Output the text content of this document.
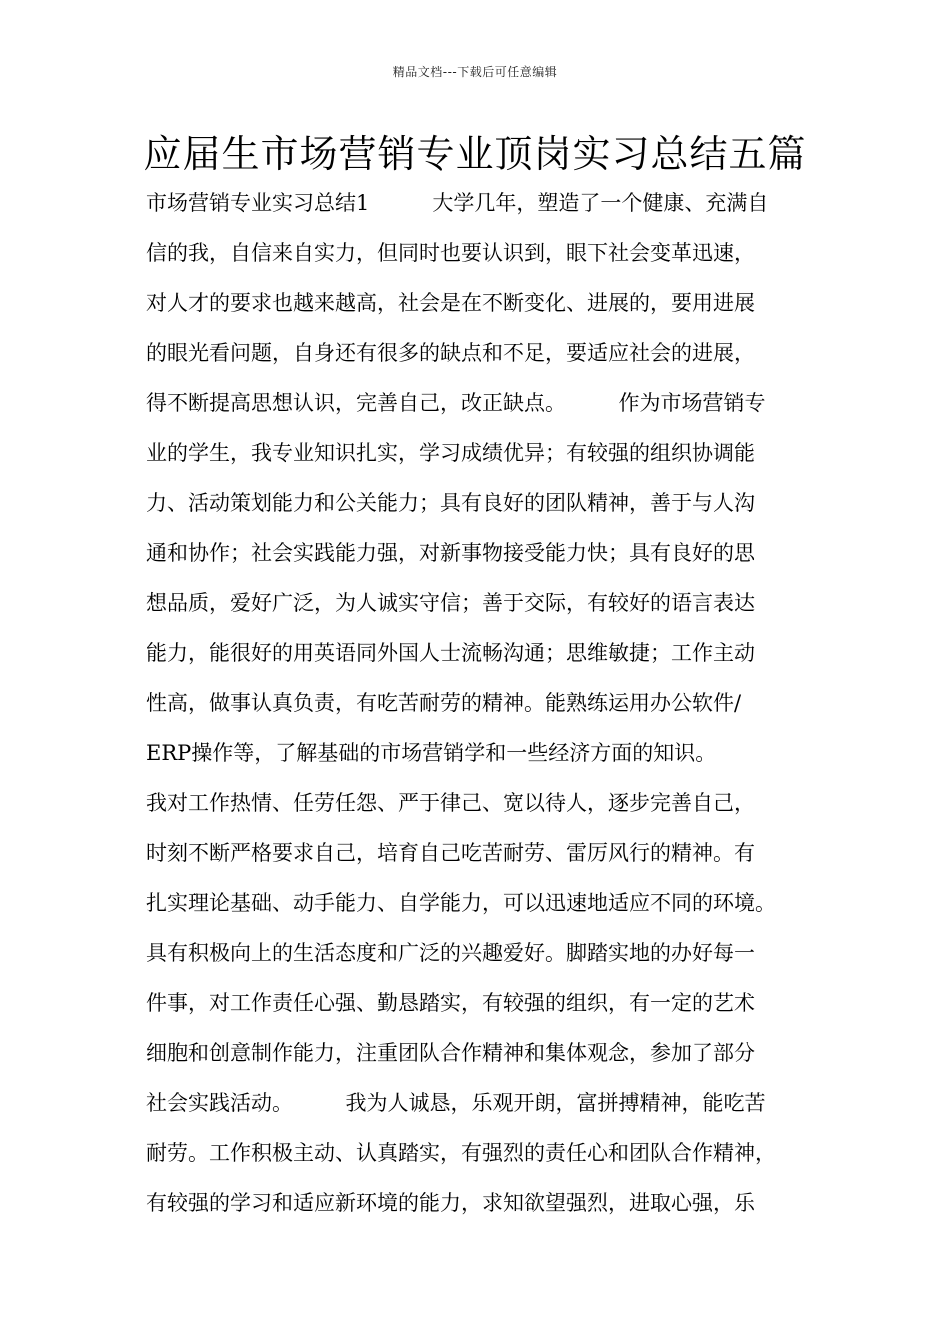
精品文档---下载后可任意编辑
应届生市场营销专业顶岗实习总结五篇
市场营销专业实习总结1　　　大学几年，塑造了一个健康、充满自
信的我，自信来自实力，但同时也要认识到，眼下社会变革迅速，
对人才的要求也越来越高，社会是在不断变化、进展的，要用进展
的眼光看问题，自身还有很多的缺点和不足，要适应社会的进展，
得不断提高思想认识，完善自己，改正缺点。　　　作为市场营销专
业的学生，我专业知识扎实，学习成绩优异；有较强的组织协调能
力、活动策划能力和公关能力；具有良好的团队精神，善于与人沟
通和协作；社会实践能力强，对新事物接受能力快；具有良好的思
想品质，爱好广泛，为人诚实守信；善于交际，有较好的语言表达
能力，能很好的用英语同外国人士流畅沟通；思维敏捷；工作主动
性高，做事认真负责，有吃苦耐劳的精神。能熟练运用办公软件/
ERP操作等，了解基础的市场营销学和一些经济方面的知识。
我对工作热情、任劳任怨、严于律己、宽以待人，逐步完善自己，
时刻不断严格要求自己，培育自己吃苦耐劳、雷厉风行的精神。有
扎实理论基础、动手能力、自学能力，可以迅速地适应不同的环境。
具有积极向上的生活态度和广泛的兴趣爱好。脚踏实地的办好每一
件事，对工作责任心强、勤恳踏实，有较强的组织，有一定的艺术
细胞和创意制作能力，注重团队合作精神和集体观念，参加了部分
社会实践活动。　　　我为人诚恳，乐观开朗，富拼搏精神，能吃苦
耐劳。工作积极主动、认真踏实，有强烈的责任心和团队合作精神，
有较强的学习和适应新环境的能力，求知欲望强烈，进取心强，乐
